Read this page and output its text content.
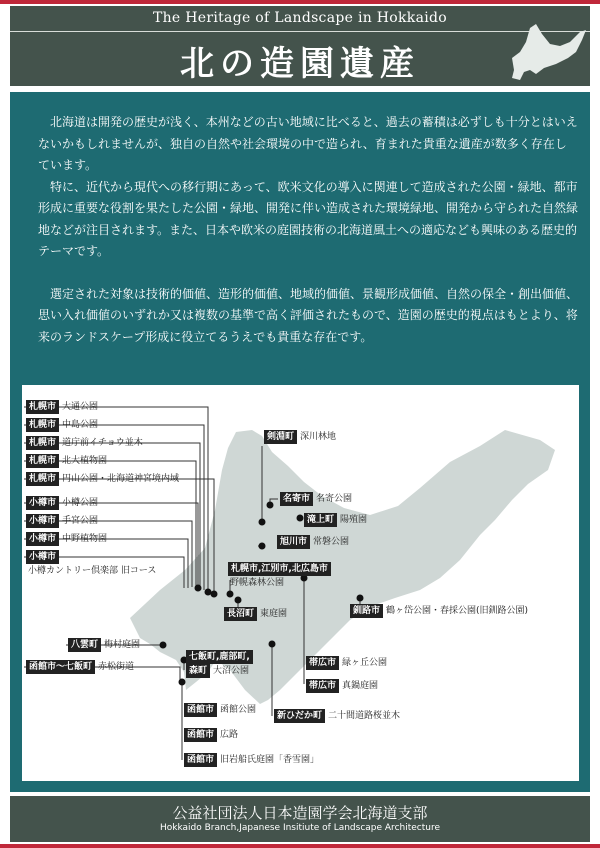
The Heritage of Landscape in Hokkaido
北の造園遺産

北海道は開発の歴史が浅く、本州などの古い地域に比べると、過去の蓄積は必ずしも十分とはいえないかもしれませんが、独自の自然や社会環境の中で造られ、育まれた貴重な遺産が数多く存在しています。

特に、近代から現代への移行期にあって、欧米文化の導入に関連して造成された公園・緑地、都市形成に重要な役割を果たした公園・緑地、開発に伴い造成された環境緑地、開発から守られた自然緑地などが注目されます。また、日本や欧米の庭園技術の北海道風土への適応なども興味のある歴史的テーマです。

選定された対象は技術的価値、造形的価値、地域的価値、景観形成価値、自然の保全・創出価値、思い入れ価値のいずれか又は複数の基準で高く評価されたもので、造園の歴史的視点はもとより、将来のランドスケープ形成に役立てるうえでも貴重な存在です。

札幌市 大通公園
札幌市 中島公園
札幌市 道庁前イチョウ並木
札幌市 北大植物園
札幌市 円山公園・北海道神宮境内域
小樽市 小樽公園
小樽市 手宮公園
小樽市 中野植物園
小樽市
小樽カントリー倶楽部 旧コース
八雲町 梅村庭園
函館市〜七飯町 赤松街道
七飯町,鹿部町,
森町 大沼公園
函館市 函館公園
函館市 広路
函館市 旧岩船氏庭園「香雪園」
剣淵町 深川林地
名寄市 名寄公園
滝上町 陽殖園
旭川市 常磐公園
札幌市,江別市,北広島市
野幌森林公園
長沼町 東庭園	釧路市 鶴ヶ岱公園・春採公園(旧釧路公園)
帯広市 緑ヶ丘公園
帯広市 真鍋庭園
新ひだか町 二十間道路桜並木
公益社団法人日本造園学会北海道支部
Hokkaido Branch,Japanese Insitiute of Landscape Architecture
